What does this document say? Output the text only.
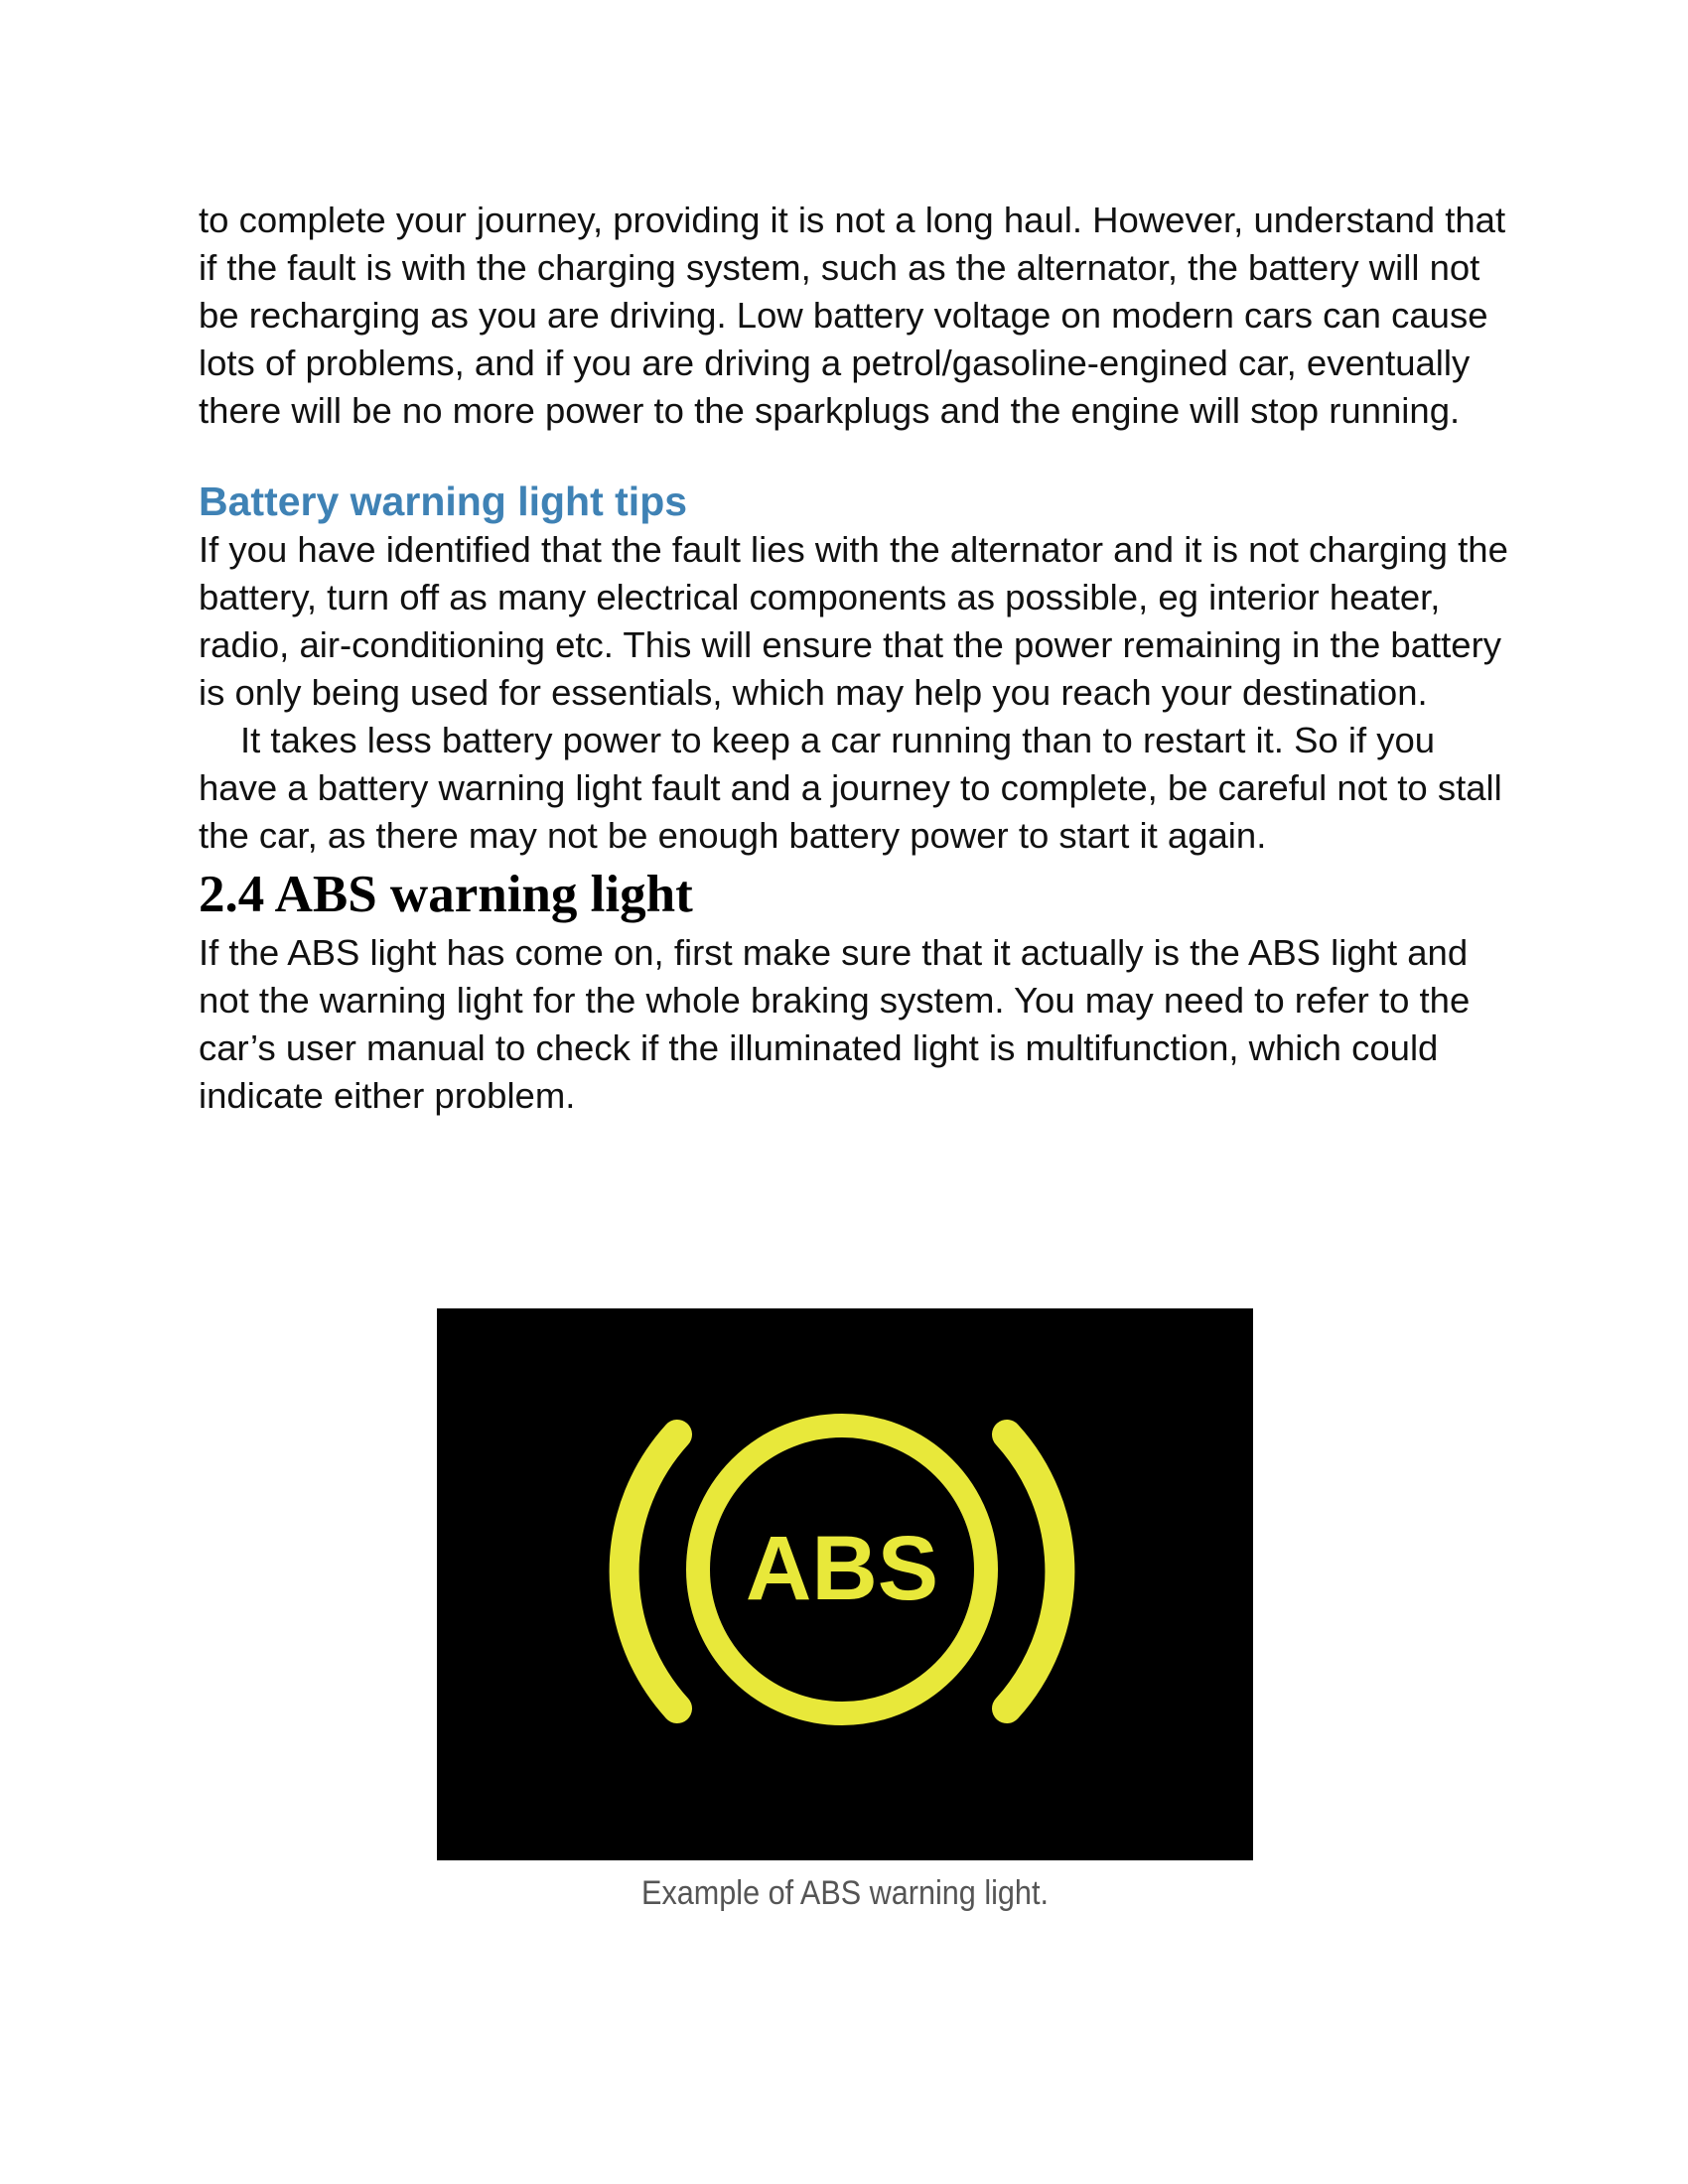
to complete your journey, providing it is not a long haul. However, understand that if the fault is with the charging system, such as the alternator, the battery will not be recharging as you are driving. Low battery voltage on modern cars can cause lots of problems, and if you are driving a petrol/gasoline-engined car, eventually there will be no more power to the sparkplugs and the engine will stop running.

Battery warning light tips

If you have identified that the fault lies with the alternator and it is not charging the battery, turn off as many electrical components as possible, eg interior heater, radio, air-conditioning etc. This will ensure that the power remaining in the battery is only being used for essentials, which may help you reach your destination.

It takes less battery power to keep a car running than to restart it. So if you have a battery warning light fault and a journey to complete, be careful not to stall the car, as there may not be enough battery power to start it again.

2.4 ABS warning light

If the ABS light has come on, first make sure that it actually is the ABS light and not the warning light for the whole braking system. You may need to refer to the car’s user manual to check if the illuminated light is multifunction, which could indicate either problem.

ABS
Example of ABS warning light.
